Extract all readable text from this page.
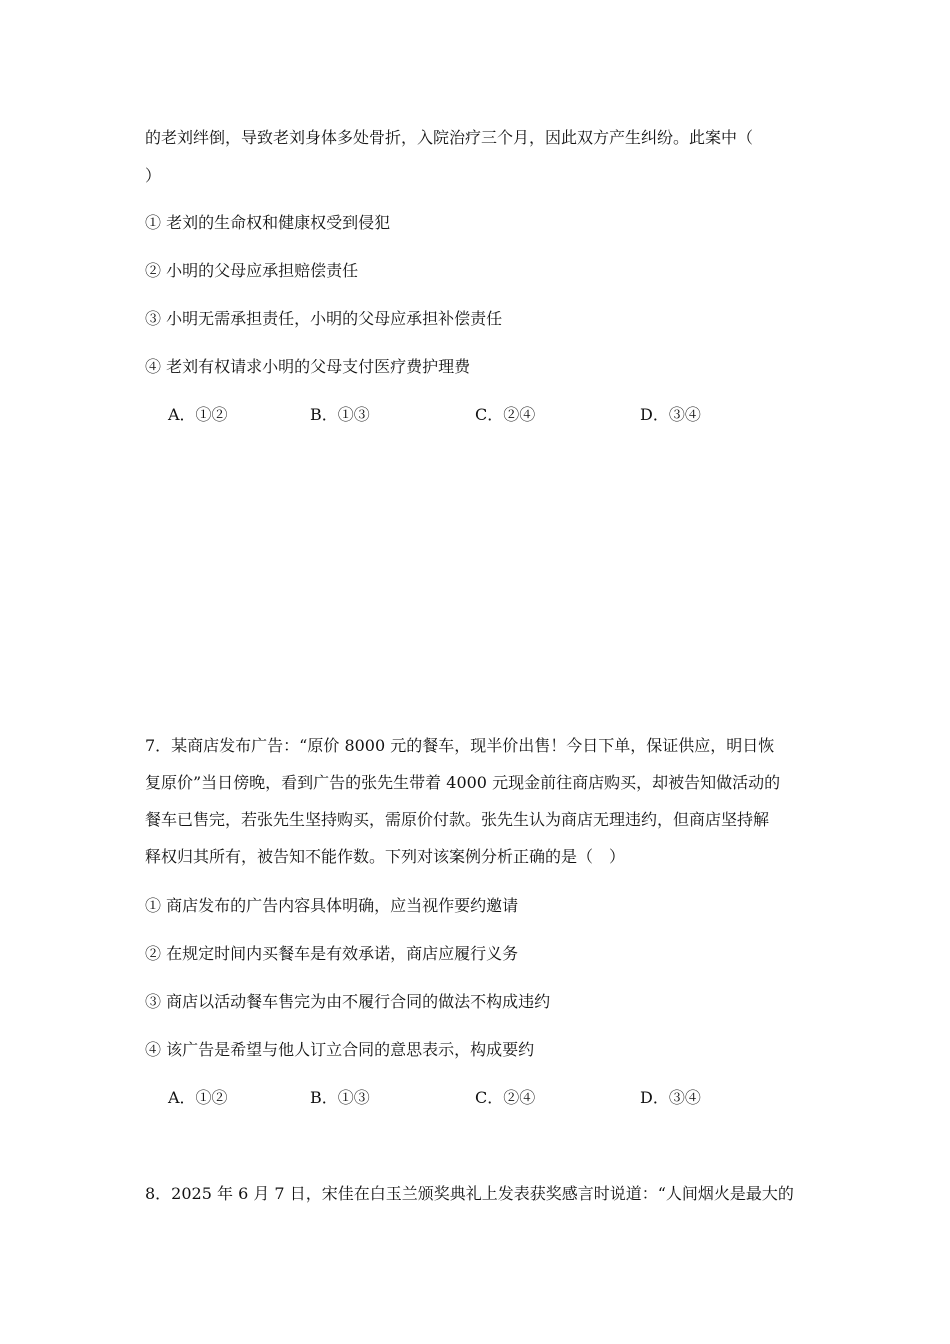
的老刘绊倒，导致老刘身体多处骨折，入院治疗三个月，因此双方产生纠纷。此案中（
）
① 老刘的生命权和健康权受到侵犯
② 小明的父母应承担赔偿责任
③ 小明无需承担责任，小明的父母应承担补偿责任
④ 老刘有权请求小明的父母支付医疗费护理费
A．①②	B．①③	C．②④	D．③④
7．某商店发布广告：“原价 8000 元的餐车，现半价出售！今日下单，保证供应，明日恢
复原价”当日傍晚，看到广告的张先生带着 4000 元现金前往商店购买，却被告知做活动的
餐车已售完，若张先生坚持购买，需原价付款。张先生认为商店无理违约，但商店坚持解
释权归其所有，被告知不能作数。下列对该案例分析正确的是（　）
① 商店发布的广告内容具体明确，应当视作要约邀请
② 在规定时间内买餐车是有效承诺，商店应履行义务
③ 商店以活动餐车售完为由不履行合同的做法不构成违约
④ 该广告是希望与他人订立合同的意思表示，构成要约
A．①②	B．①③	C．②④	D．③④
8．2025 年 6 月 7 日，宋佳在白玉兰颁奖典礼上发表获奖感言时说道：“人间烟火是最大的
